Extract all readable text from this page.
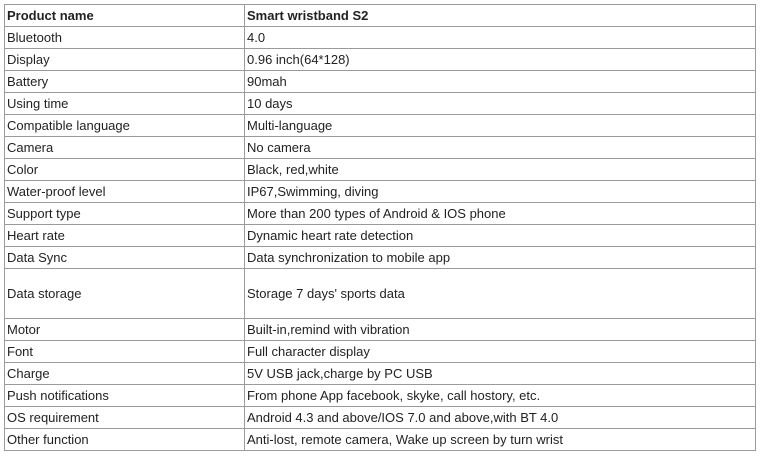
Product name	Smart wristband S2
Bluetooth	4.0
Display	0.96 inch(64*128)
Battery	90mah
Using time	10 days
Compatible language	Multi-language
Camera	No camera
Color	Black, red,white
Water-proof level	IP67,Swimming, diving
Support type	More than 200 types of Android & IOS phone
Heart rate	Dynamic heart rate detection
Data Sync	Data synchronization to mobile app
Data storage	Storage 7 days' sports data
Motor	Built-in,remind with vibration
Font	Full character display
Charge	5V USB jack,charge by PC USB
Push notifications	From phone App facebook, skyke, call hostory, etc.
OS requirement	Android 4.3 and above/IOS 7.0 and above,with BT 4.0
Other function	Anti-lost, remote camera, Wake up screen by turn wrist
